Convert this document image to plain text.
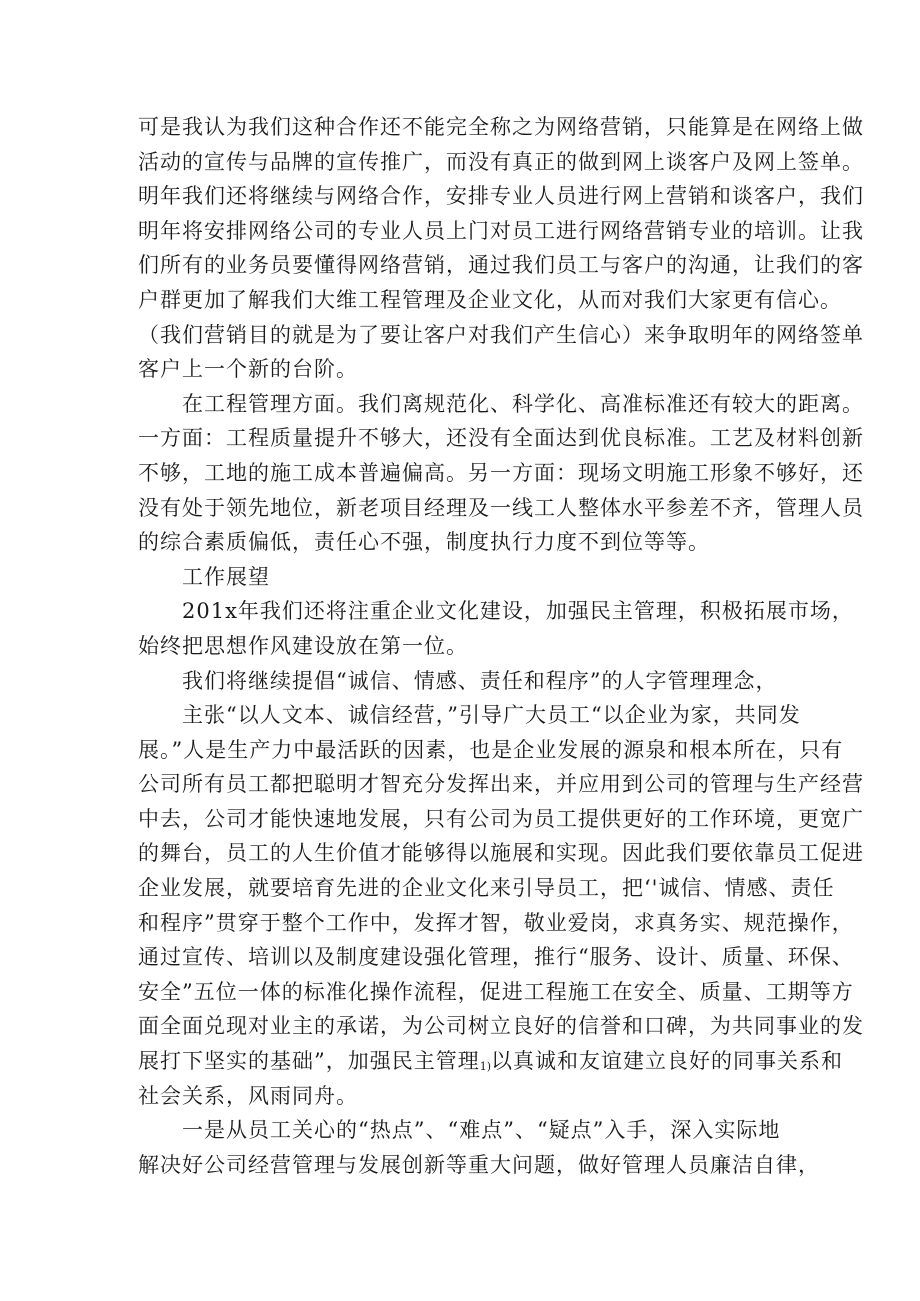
可是我认为我们这种合作还不能完全称之为网络营销，只能算是在网络上做
活动的宣传与品牌的宣传推广，而没有真正的做到网上谈客户及网上签单。
明年我们还将继续与网络合作，安排专业人员进行网上营销和谈客户，我们
明年将安排网络公司的专业人员上门对员工进行网络营销专业的培训。让我
们所有的业务员要懂得网络营销，通过我们员工与客户的沟通，让我们的客
户群更加了解我们大维工程管理及企业文化，从而对我们大家更有信心。
（我们营销目的就是为了要让客户对我们产生信心）来争取明年的网络签单
客户上一个新的台阶。
在工程管理方面。我们离规范化、科学化、高准标准还有较大的距离。
一方面：工程质量提升不够大，还没有全面达到优良标准。工艺及材料创新
不够，工地的施工成本普遍偏高。另一方面：现场文明施工形象不够好，还
没有处于领先地位，新老项目经理及一线工人整体水平参差不齐，管理人员
的综合素质偏低，责任心不强，制度执行力度不到位等等。
工作展望
201x年我们还将注重企业文化建设，加强民主管理，积极拓展市场，
始终把思想作风建设放在第一位。
我们将继续提倡“诚信、情感、责任和程序”的人字管理理念，
主张“以人文本、诚信经营，”引导广大员工“以企业为家，共同发
展。”人是生产力中最活跃的因素，也是企业发展的源泉和根本所在，只有
公司所有员工都把聪明才智充分发挥出来，并应用到公司的管理与生产经营
中去，公司才能快速地发展，只有公司为员工提供更好的工作环境，更宽广
的舞台，员工的人生价值才能够得以施展和实现。因此我们要依靠员工促进
企业发展，就要培育先进的企业文化来引导员工，把‘'诚信、情感、责任
和程序”贯穿于整个工作中，发挥才智，敬业爱岗，求真务实、规范操作，
通过宣传、培训以及制度建设强化管理，推行“服务、设计、质量、环保、
安全”五位一体的标准化操作流程，促进工程施工在安全、质量、工期等方
面全面兑现对业主的承诺，为公司树立良好的信誉和口碑，为共同事业的发
展打下坚实的基础”，加强民主管理1)以真诚和友谊建立良好的同事关系和
社会关系，风雨同舟。
一是从员工关心的“热点”、“难点”、“疑点”入手，深入实际地
解决好公司经营管理与发展创新等重大问题，做好管理人员廉洁自律，
